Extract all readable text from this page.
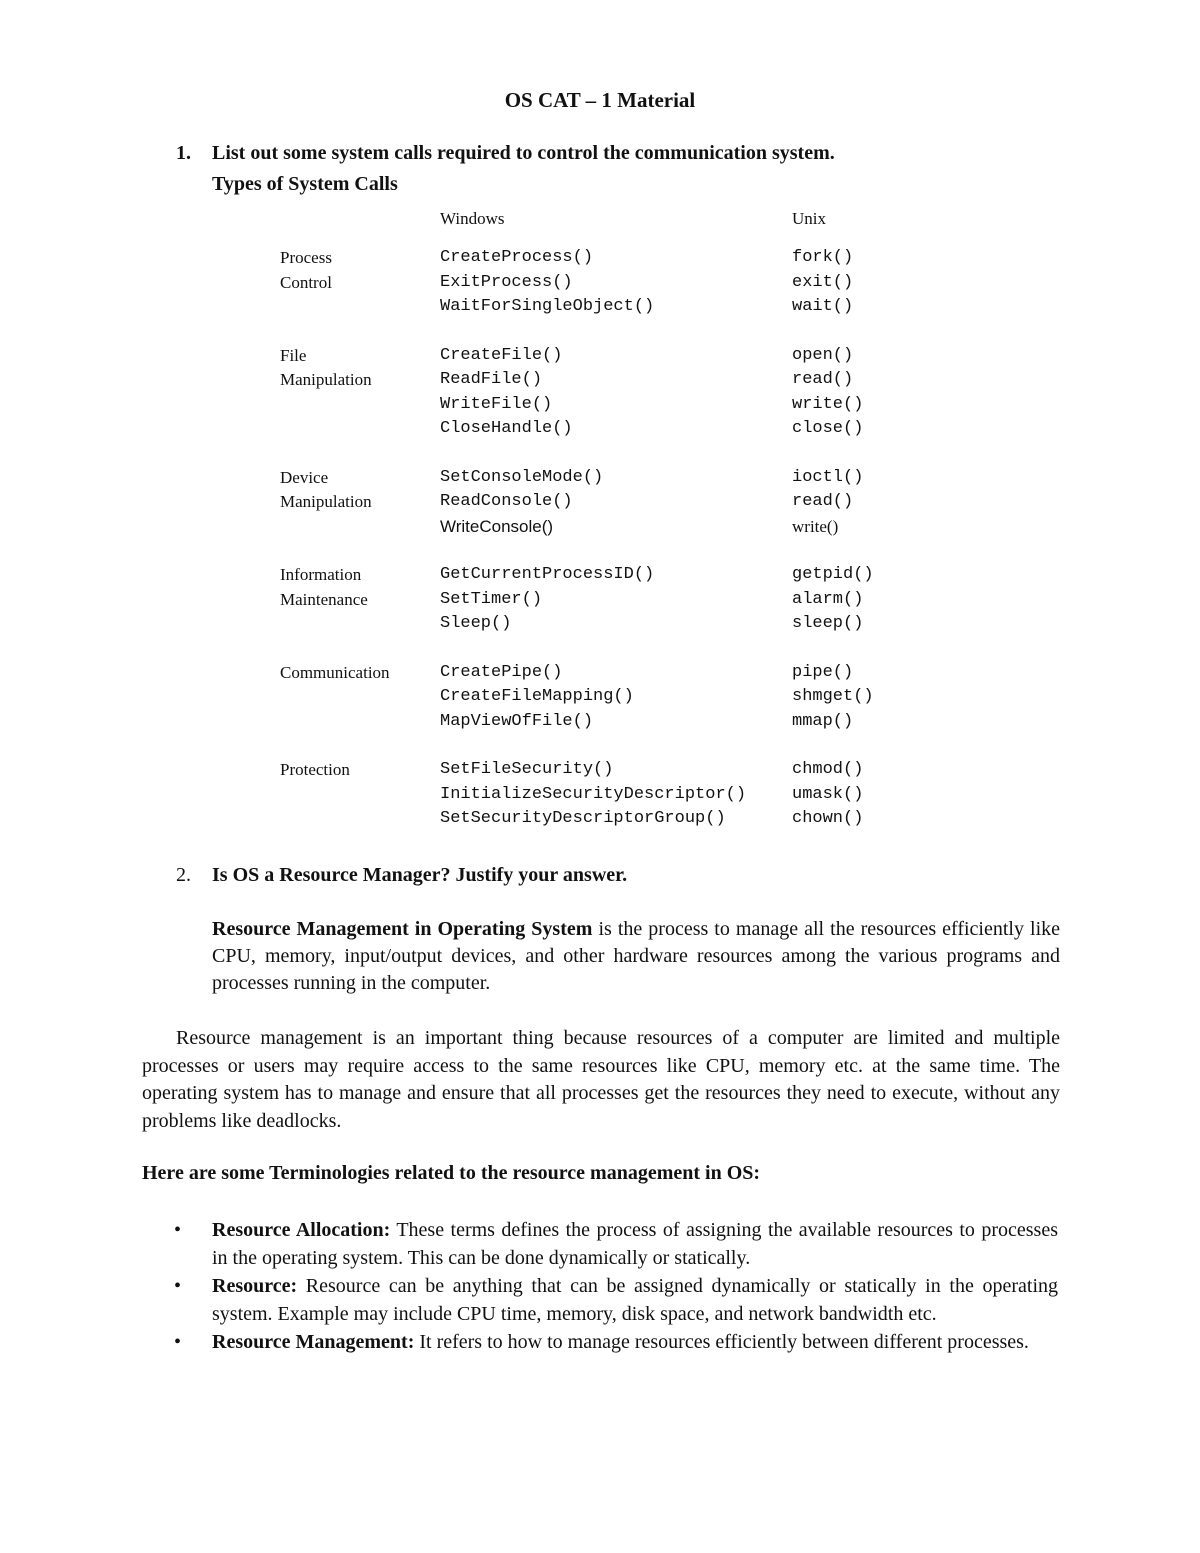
OS CAT – 1 Material
1. List out some system calls required to control the communication system.
Types of System Calls
	Windows	Unix
Process	CreateProcess()	fork()
Control	ExitProcess()	exit()
	WaitForSingleObject()	wait()

File	CreateFile()	open()
Manipulation	ReadFile()	read()
	WriteFile()	write()
	CloseHandle()	close()

Device	SetConsoleMode()	ioctl()
Manipulation	ReadConsole()	read()
	WriteConsole()	write()

Information	GetCurrentProcessID()	getpid()
Maintenance	SetTimer()	alarm()
	Sleep()	sleep()

Communication	CreatePipe()	pipe()
	CreateFileMapping()	shmget()
	MapViewOfFile()	mmap()

Protection	SetFileSecurity()	chmod()
	InitializeSecurityDescriptor()	umask()
	SetSecurityDescriptorGroup()	chown()
2. Is OS a Resource Manager? Justify your answer.

Resource Management in Operating System is the process to manage all the resources efficiently like CPU, memory, input/output devices, and other hardware resources among the various programs and processes running in the computer.

Resource management is an important thing because resources of a computer are limited and multiple processes or users may require access to the same resources like CPU, memory etc. at the same time. The operating system has to manage and ensure that all processes get the resources they need to execute, without any problems like deadlocks.

Here are some Terminologies related to the resource management in OS:
• Resource Allocation: These terms defines the process of assigning the available resources to processes in the operating system. This can be done dynamically or statically.
• Resource: Resource can be anything that can be assigned dynamically or statically in the operating system. Example may include CPU time, memory, disk space, and network bandwidth etc.
• Resource Management: It refers to how to manage resources efficiently between different processes.
